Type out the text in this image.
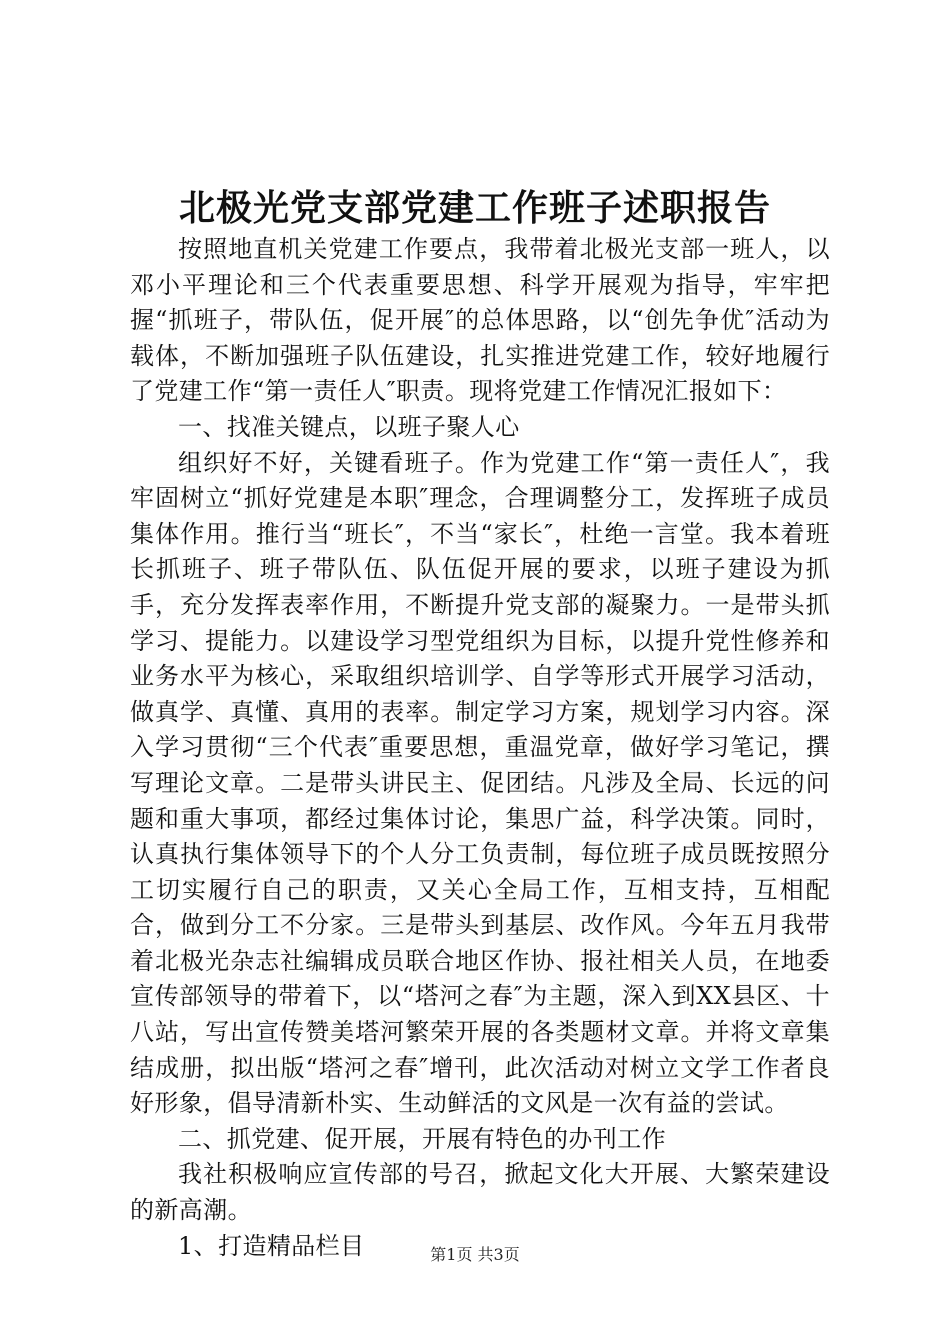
北极光党支部党建工作班子述职报告

按照地直机关党建工作要点，我带着北极光支部一班人，以邓小平理论和三个代表重要思想、科学开展观为指导，牢牢把握“抓班子，带队伍，促开展″的总体思路，以“创先争优″活动为载体，不断加强班子队伍建设，扎实推进党建工作，较好地履行了党建工作“第一责任人″职责。现将党建工作情况汇报如下：

一、找准关键点，以班子聚人心

组织好不好，关键看班子。作为党建工作“第一责任人″，我牢固树立“抓好党建是本职″理念，合理调整分工，发挥班子成员集体作用。推行当“班长″，不当“家长″，杜绝一言堂。我本着班长抓班子、班子带队伍、队伍促开展的要求，以班子建设为抓手，充分发挥表率作用，不断提升党支部的凝聚力。一是带头抓学习、提能力。以建设学习型党组织为目标，以提升党性修养和业务水平为核心，采取组织培训学、自学等形式开展学习活动，做真学、真懂、真用的表率。制定学习方案，规划学习内容。深入学习贯彻“三个代表″重要思想，重温党章，做好学习笔记，撰写理论文章。二是带头讲民主、促团结。凡涉及全局、长远的问题和重大事项，都经过集体讨论，集思广益，科学决策。同时，认真执行集体领导下的个人分工负责制，每位班子成员既按照分工切实履行自己的职责，又关心全局工作，互相支持，互相配合，做到分工不分家。三是带头到基层、改作风。今年五月我带着北极光杂志社编辑成员联合地区作协、报社相关人员，在地委宣传部领导的带着下，以“塔河之春″为主题，深入到XX县区、十八站，写出宣传赞美塔河繁荣开展的各类题材文章。并将文章集结成册，拟出版“塔河之春″增刊，此次活动对树立文学工作者良好形象，倡导清新朴实、生动鲜活的文风是一次有益的尝试。

二、抓党建、促开展，开展有特色的办刊工作

我社积极响应宣传部的号召，掀起文化大开展、大繁荣建设的新高潮。

1、打造精品栏目	第1页 共3页
